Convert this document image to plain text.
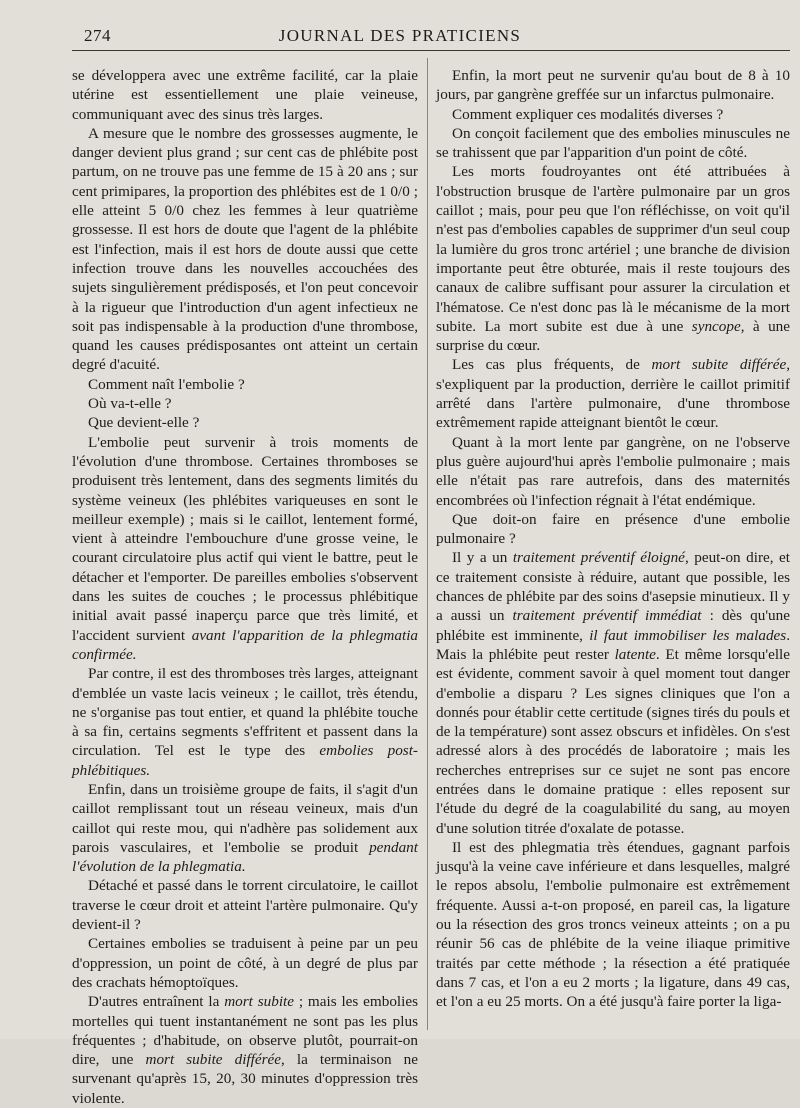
274	JOURNAL DES PRATICIENS

se développera avec une extrême facilité, car la plaie utérine est essentiellement une plaie veineuse, communiquant avec des sinus très larges.

A mesure que le nombre des grossesses augmente, le danger devient plus grand ; sur cent cas de phlébite post partum, on ne trouve pas une femme de 15 à 20 ans ; sur cent primipares, la proportion des phlébites est de 1 0/0 ; elle atteint 5 0/0 chez les femmes à leur quatrième grossesse. Il est hors de doute que l'agent de la phlébite est l'infection, mais il est hors de doute aussi que cette infection trouve dans les nouvelles accouchées des sujets singulièrement prédisposés, et l'on peut concevoir à la rigueur que l'introduction d'un agent infectieux ne soit pas indispensable à la production d'une thrombose, quand les causes prédisposantes ont atteint un certain degré d'acuité.

Comment naît l'embolie ?

Où va-t-elle ?

Que devient-elle ?

L'embolie peut survenir à trois moments de l'évolution d'une thrombose. Certaines thromboses se produisent très lentement, dans des segments limités du système veineux (les phlébites variqueuses en sont le meilleur exemple) ; mais si le caillot, lentement formé, vient à atteindre l'embouchure d'une grosse veine, le courant circulatoire plus actif qui vient le battre, peut le détacher et l'emporter. De pareilles embolies s'observent dans les suites de couches ; le processus phlébitique initial avait passé inaperçu parce que très limité, et l'accident survient avant l'apparition de la phlegmatia confirmée.

Par contre, il est des thromboses très larges, atteignant d'emblée un vaste lacis veineux ; le caillot, très étendu, ne s'organise pas tout entier, et quand la phlébite touche à sa fin, certains segments s'effritent et passent dans la circulation. Tel est le type des embolies post-phlébitiques.

Enfin, dans un troisième groupe de faits, il s'agit d'un caillot remplissant tout un réseau veineux, mais d'un caillot qui reste mou, qui n'adhère pas solidement aux parois vasculaires, et l'embolie se produit pendant l'évolution de la phlegmatia.

Détaché et passé dans le torrent circulatoire, le caillot traverse le cœur droit et atteint l'artère pulmonaire. Qu'y devient-il ?

Certaines embolies se traduisent à peine par un peu d'oppression, un point de côté, à un degré de plus par des crachats hémoptoïques.

D'autres entraînent la mort subite ; mais les embolies mortelles qui tuent instantanément ne sont pas les plus fréquentes ; d'habitude, on observe plutôt, pourrait-on dire, une mort subite différée, la terminaison ne survenant qu'après 15, 20, 30 minutes d'oppression très violente.

Enfin, la mort peut ne survenir qu'au bout de 8 à 10 jours, par gangrène greffée sur un infarctus pulmonaire.

Comment expliquer ces modalités diverses ?

On conçoit facilement que des embolies minuscules ne se trahissent que par l'apparition d'un point de côté.

Les morts foudroyantes ont été attribuées à l'obstruction brusque de l'artère pulmonaire par un gros caillot ; mais, pour peu que l'on réfléchisse, on voit qu'il n'est pas d'embolies capables de supprimer d'un seul coup la lumière du gros tronc artériel ; une branche de division importante peut être obturée, mais il reste toujours des canaux de calibre suffisant pour assurer la circulation et l'hématose. Ce n'est donc pas là le mécanisme de la mort subite. La mort subite est due à une syncope, à une surprise du cœur.

Les cas plus fréquents, de mort subite différée, s'expliquent par la production, derrière le caillot primitif arrêté dans l'artère pulmonaire, d'une thrombose extrêmement rapide atteignant bientôt le cœur.

Quant à la mort lente par gangrène, on ne l'observe plus guère aujourd'hui après l'embolie pulmonaire ; mais elle n'était pas rare autrefois, dans des maternités encombrées où l'infection régnait à l'état endémique.

Que doit-on faire en présence d'une embolie pulmonaire ?

Il y a un traitement préventif éloigné, peut-on dire, et ce traitement consiste à réduire, autant que possible, les chances de phlébite par des soins d'asepsie minutieux. Il y a aussi un traitement préventif immédiat : dès qu'une phlébite est imminente, il faut immobiliser les malades. Mais la phlébite peut rester latente. Et même lorsqu'elle est évidente, comment savoir à quel moment tout danger d'embolie a disparu ? Les signes cliniques que l'on a donnés pour établir cette certitude (signes tirés du pouls et de la température) sont assez obscurs et infidèles. On s'est adressé alors à des procédés de laboratoire ; mais les recherches entreprises sur ce sujet ne sont pas encore entrées dans le domaine pratique : elles reposent sur l'étude du degré de la coagulabilité du sang, au moyen d'une solution titrée d'oxalate de potasse.

Il est des phlegmatia très étendues, gagnant parfois jusqu'à la veine cave inférieure et dans lesquelles, malgré le repos absolu, l'embolie pulmonaire est extrêmement fréquente. Aussi a-t-on proposé, en pareil cas, la ligature ou la résection des gros troncs veineux atteints ; on a pu réunir 56 cas de phlébite de la veine iliaque primitive traités par cette méthode ; la résection a été pratiquée dans 7 cas, et l'on a eu 2 morts ; la ligature, dans 49 cas, et l'on a eu 25 morts. On a été jusqu'à faire porter la liga-
